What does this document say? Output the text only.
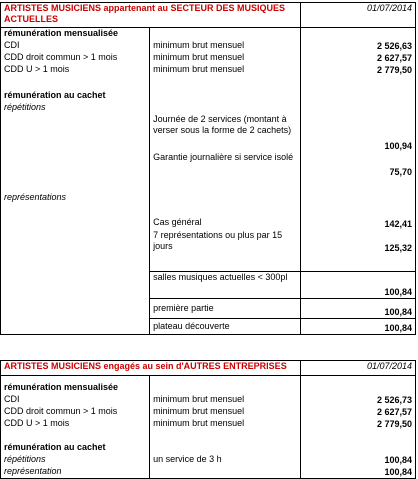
ARTISTES MUSICIENS appartenant au SECTEUR DES MUSIQUES ACTUELLES		01/07/2014
rémunération mensualisée		
CDI	minimum brut mensuel	2 526,63
CDD droit commun > 1 mois	minimum brut mensuel	2 627,57
CDD U > 1 mois	minimum brut mensuel	2 779,50

rémunération au cachet		
répétitions		
	Journée de 2 services (montant à verser sous la forme de 2 cachets)	100,94
	Garantie journalière si service isolé	75,70

représentations		

	Cas général	142,41
	7 représentations ou plus par 15 jours	125,32

	salles musiques actuelles < 300pl	100,84
	première partie	100,84
	plateau découverte	100,84
ARTISTES MUSICIENS engagés au sein d'AUTRES ENTREPRISES		01/07/2014

rémunération mensualisée		
CDI	minimum brut mensuel	2 526,73
CDD droit commun > 1 mois	minimum brut mensuel	2 627,57
CDD U > 1 mois	minimum brut mensuel	2 779,50

rémunération au cachet		
répétitions	un service de 3 h	100,84
représentation		100,84
